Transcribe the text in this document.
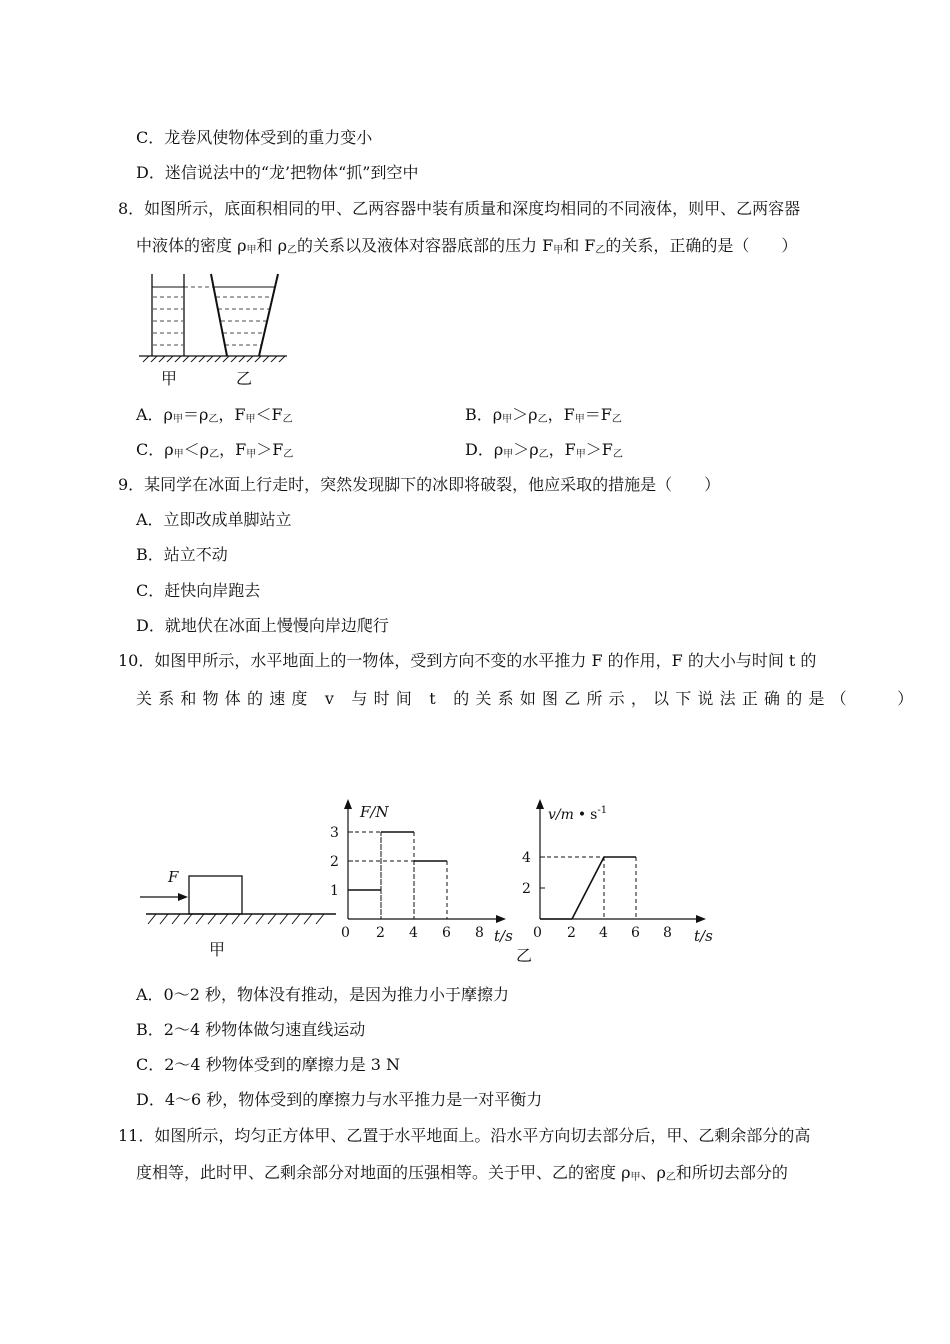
C．龙卷风使物体受到的重力变小
D．迷信说法中的“龙’把物体“抓”到空中
8．如图所示，底面积相同的甲、乙两容器中装有质量和深度均相同的不同液体，则甲、乙两容器
中液体的密度 ρ甲和 ρ乙的关系以及液体对容器底部的压力 F甲和 F乙的关系，正确的是（　　）
甲	乙
A．ρ甲＝ρ乙，F甲＜F乙	B．ρ甲＞ρ乙，F甲＝F乙
C．ρ甲＜ρ乙，F甲＞F乙	D．ρ甲＞ρ乙，F甲＞F乙
9．某同学在冰面上行走时，突然发现脚下的冰即将破裂，他应采取的措施是（　　）
A．立即改成单脚站立
B．站立不动
C．赶快向岸跑去
D．就地伏在冰面上慢慢向岸边爬行
10．如图甲所示，水平地面上的一物体，受到方向不变的水平推力 F 的作用，F 的大小与时间 t 的
关系和物体的速度 v 与时间 t 的关系如图乙所示，以下说法正确的是（　　）
F
甲
F/N
t/s
0 2 4 6 8
1
2
3
v/m • $s^{-1}$
t/s
0 2 4 6 8
2
4
乙
A．0～2 秒，物体没有推动，是因为推力小于摩擦力
B．2～4 秒物体做匀速直线运动
C．2～4 秒物体受到的摩擦力是 3 N
D．4～6 秒，物体受到的摩擦力与水平推力是一对平衡力
11．如图所示，均匀正方体甲、乙置于水平地面上。沿水平方向切去部分后，甲、乙剩余部分的高
度相等，此时甲、乙剩余部分对地面的压强相等。关于甲、乙的密度 ρ甲、ρ乙和所切去部分的
